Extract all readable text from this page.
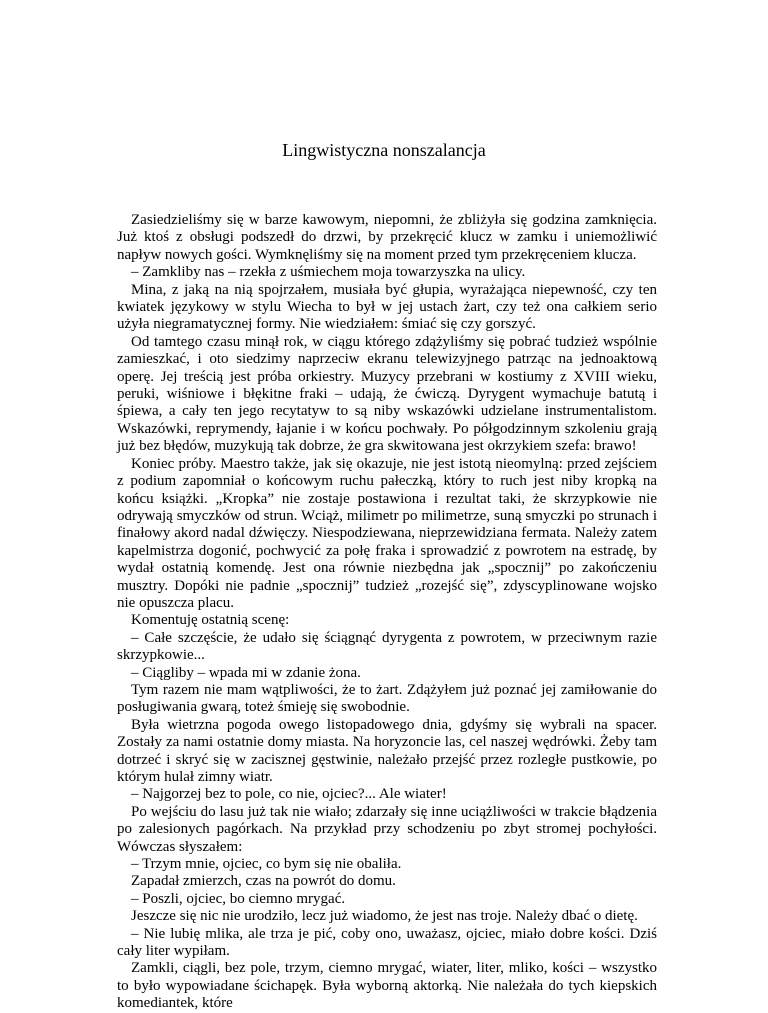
Lingwistyczna nonszalancja

Zasiedzieliśmy się w barze kawowym, niepomni, że zbliżyła się godzina zamknięcia. Już ktoś z obsługi podszedł do drzwi, by przekręcić klucz w zamku i uniemożliwić napływ nowych gości. Wymknęliśmy się na moment przed tym przekręceniem klucza.

– Zamkliby nas – rzekła z uśmiechem moja towarzyszka na ulicy.

Mina, z jaką na nią spojrzałem, musiała być głupia, wyrażająca niepewność, czy ten kwiatek językowy w stylu Wiecha to był w jej ustach żart, czy też ona całkiem serio użyła niegramatycznej formy. Nie wiedziałem: śmiać się czy gorszyć.

Od tamtego czasu minął rok, w ciągu którego zdążyliśmy się pobrać tudzież wspólnie zamieszkać, i oto siedzimy naprzeciw ekranu telewizyjnego patrząc na jednoaktową operę. Jej treścią jest próba orkiestry. Muzycy przebrani w kostiumy z XVIII wieku, peruki, wiśniowe i błękitne fraki – udają, że ćwiczą. Dyrygent wymachuje batutą i śpiewa, a cały ten jego recytatyw to są niby wskazówki udzielane instrumentalistom. Wskazówki, reprymendy, łajanie i w końcu pochwały. Po półgodzinnym szkoleniu grają już bez błędów, muzykują tak dobrze, że gra skwitowana jest okrzykiem szefa: brawo!

Koniec próby. Maestro także, jak się okazuje, nie jest istotą nieomylną: przed zejściem z podium zapomniał o końcowym ruchu pałeczką, który to ruch jest niby kropką na końcu książki. „Kropka” nie zostaje postawiona i rezultat taki, że skrzypkowie nie odrywają smyczków od strun. Wciąż, milimetr po milimetrze, suną smyczki po strunach i finałowy akord nadal dźwięczy. Niespodziewana, nieprzewidziana fermata. Należy zatem kapelmistrza dogonić, pochwycić za połę fraka i sprowadzić z powrotem na estradę, by wydał ostatnią komendę. Jest ona równie niezbędna jak „spocznij” po zakończeniu musztry. Dopóki nie padnie „spocznij” tudzież „rozejść się”, zdyscyplinowane wojsko nie opuszcza placu.

Komentuję ostatnią scenę:

– Całe szczęście, że udało się ściągnąć dyrygenta z powrotem, w przeciwnym razie skrzypkowie...

– Ciągliby – wpada mi w zdanie żona.

Tym razem nie mam wątpliwości, że to żart. Zdążyłem już poznać jej zamiłowanie do posługiwania gwarą, toteż śmieję się swobodnie.

Była wietrzna pogoda owego listopadowego dnia, gdyśmy się wybrali na spacer. Zostały za nami ostatnie domy miasta. Na horyzoncie las, cel naszej wędrówki. Żeby tam dotrzeć i skryć się w zacisznej gęstwinie, należało przejść przez rozległe pustkowie, po którym hulał zimny wiatr.

– Najgorzej bez to pole, co nie, ojciec?... Ale wiater!

Po wejściu do lasu już tak nie wiało; zdarzały się inne uciążliwości w trakcie błądzenia po zalesionych pagórkach. Na przykład przy schodzeniu po zbyt stromej pochyłości. Wówczas słyszałem:

– Trzym mnie, ojciec, co bym się nie obaliła.

Zapadał zmierzch, czas na powrót do domu.

– Poszli, ojciec, bo ciemno mrygać.

Jeszcze się nic nie urodziło, lecz już wiadomo, że jest nas troje. Należy dbać o dietę.

– Nie lubię mlika, ale trza je pić, coby ono, uważasz, ojciec, miało dobre kości. Dziś cały liter wypiłam.

Zamkli, ciągli, bez pole, trzym, ciemno mrygać, wiater, liter, mliko, kości – wszystko to było wypowiadane ścichapęk. Była wyborną aktorką. Nie należała do tych kiepskich komediantek, które
